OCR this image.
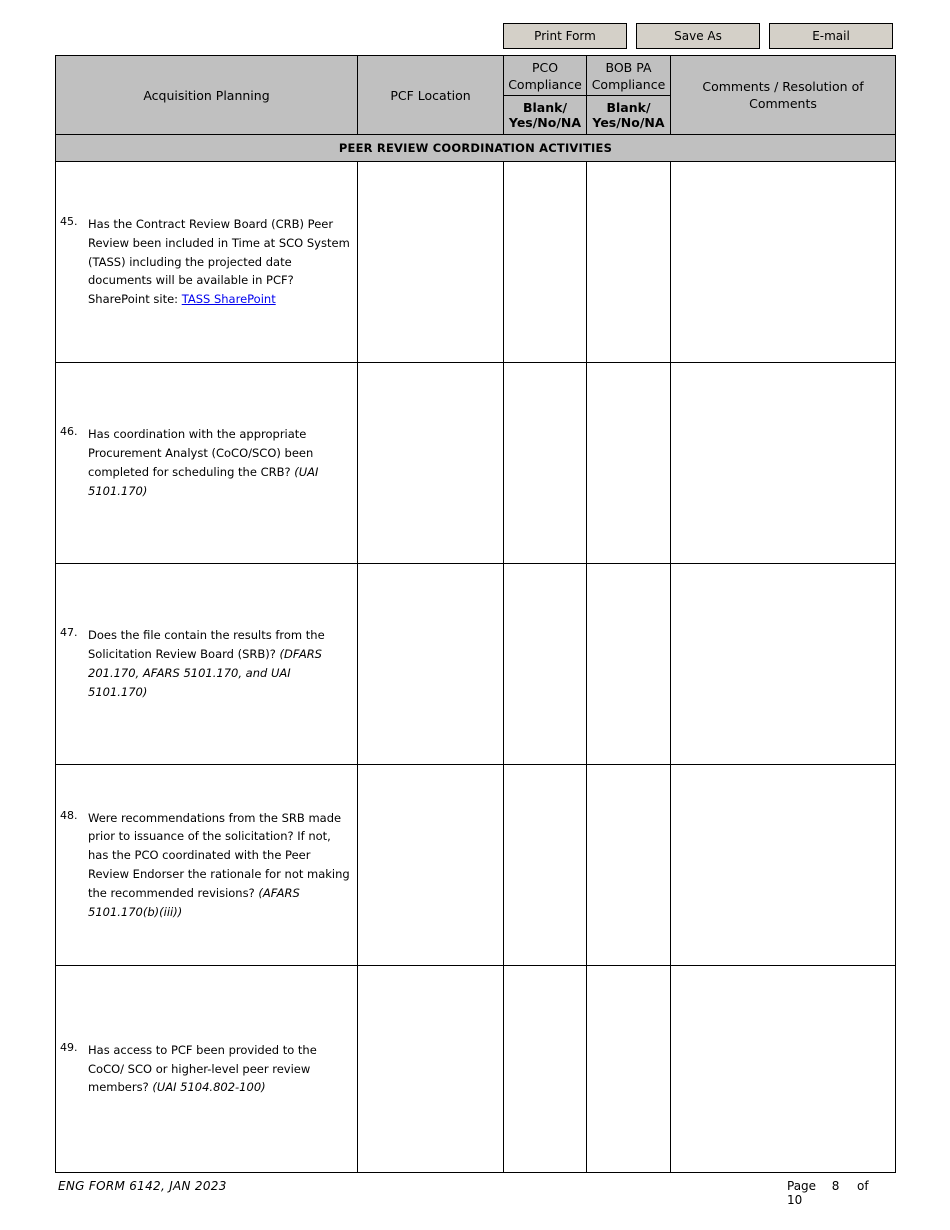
Print Form	Save As	E-mail
Acquisition Planning	PCF Location	PCO Compliance	BOB PA Compliance	Comments / Resolution of Comments
		Blank/ Yes/No/NA	Blank/ Yes/No/NA	
PEER REVIEW COORDINATION ACTIVITIES				

45. Has the Contract Review Board (CRB) Peer Review been included in Time at SCO System (TASS) including the projected date documents will be available in PCF? SharePoint site: TASS SharePoint				

46. Has coordination with the appropriate Procurement Analyst (CoCO/SCO) been completed for scheduling the CRB? (UAI 5101.170)				

47. Does the file contain the results from the Solicitation Review Board (SRB)? (DFARS 201.170, AFARS 5101.170, and UAI 5101.170)				

48. Were recommendations from the SRB made prior to issuance of the solicitation? If not, has the PCO coordinated with the Peer Review Endorser the rationale for not making the recommended revisions? (AFARS 5101.170(b)(iii))				

49. Has access to PCF been provided to the CoCO/ SCO or higher-level peer review members? (UAI 5104.802-100)				

ENG FORM 6142, JAN 2023	Page 8 of  10
